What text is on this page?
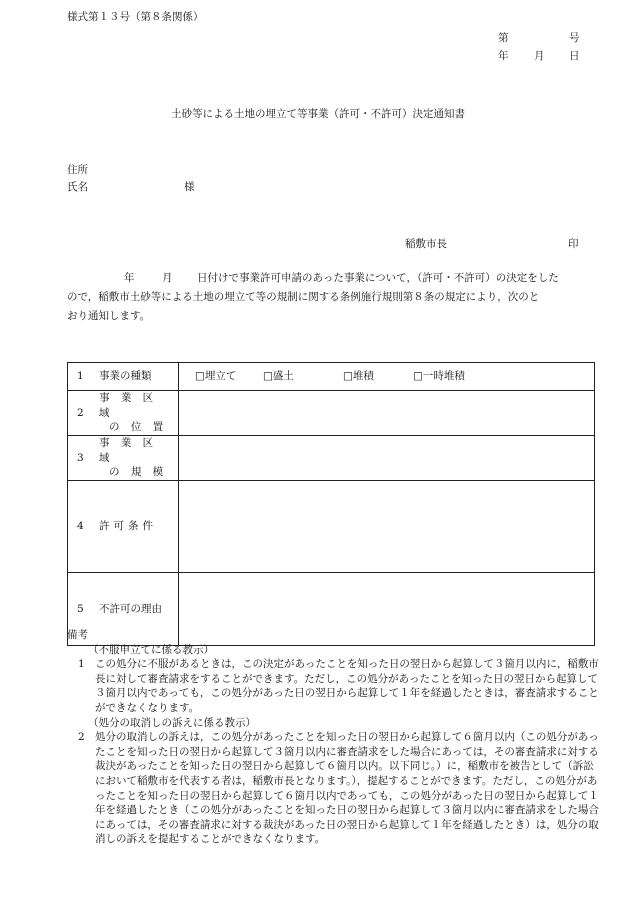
様式第１３号（第８条関係）
第	号
年 月 日
土砂等による土地の埋立て等事業（許可・不許可）決定通知書
住所
氏名	様
稲敷市長	印
年	月 日付けで事業許可申請のあった事業について，（許可・不許可）の決定をした
ので，稲敷市土砂等による土地の埋立て等の規制に関する条例施行規則第８条の規定により，次のと
おり通知します。
1 事業の種類	□埋立て □盛土 □堆積 □一時堆積

2
事 業 区 域
の 位 置	

3
事 業 区 域
の 規 模	

4 許可条件	

5 不許可の理由	

備考
（不服申立てに係る教示）
1 この処分に不服があるときは，この決定があったことを知った日の翌日から起算して３箇月以内に，稲敷市長に対して審査請求をすることができます。ただし，この処分があったことを知った日の翌日から起算して３箇月以内であっても，この処分があった日の翌日から起算して１年を経過したときは，審査請求することができなくなります。
（処分の取消しの訴えに係る教示）
2 処分の取消しの訴えは，この処分があったことを知った日の翌日から起算して６箇月以内（この処分があったことを知った日の翌日から起算して３箇月以内に審査請求をした場合にあっては，その審査請求に対する裁決があったことを知った日の翌日から起算して６箇月以内。以下同じ。）に，稲敷市を被告として（訴訟において稲敷市を代表する者は，稲敷市長となります。），提起することができます。ただし，この処分があったことを知った日の翌日から起算して６箇月以内であっても，この処分があった日の翌日から起算して１年を経過したとき（この処分があったことを知った日の翌日から起算して３箇月以内に審査請求をした場合にあっては，その審査請求に対する裁決があった日の翌日から起算して１年を経過したとき）は，処分の取消しの訴えを提起することができなくなります。
